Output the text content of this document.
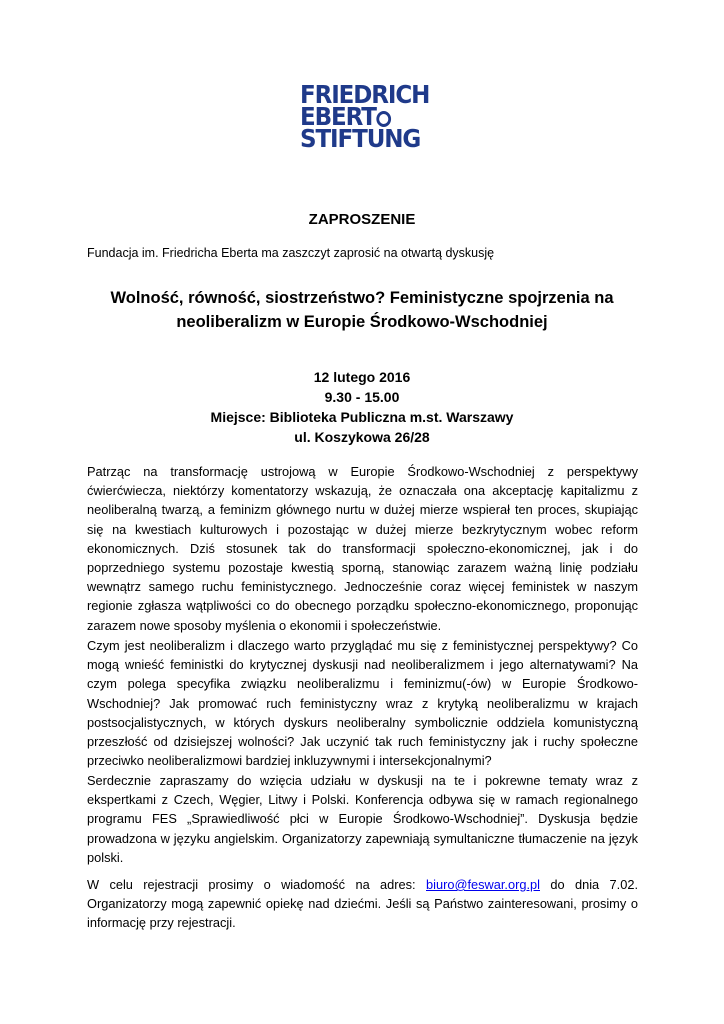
FRIEDRICH
EBERT
STIFTUNG
ZAPROSZENIE
Fundacja im. Friedricha Eberta ma zaszczyt zaprosić na otwartą dyskusję
Wolność, równość, siostrzeństwo? Feministyczne spojrzenia na
neoliberalizm w Europie Środkowo-Wschodniej
12 lutego 2016
9.30 - 15.00
Miejsce: Biblioteka Publiczna m.st. Warszawy
ul. Koszykowa 26/28
Patrząc na transformację ustrojową w Europie Środkowo-Wschodniej z perspektywy
ćwierćwiecza, niektórzy komentatorzy wskazują, że oznaczała ona akceptację kapitalizmu z
neoliberalną twarzą, a feminizm głównego nurtu w dużej mierze wspierał ten proces, skupiając
się na kwestiach kulturowych i pozostając w dużej mierze bezkrytycznym wobec reform
ekonomicznych. Dziś stosunek tak do transformacji społeczno-ekonomicznej, jak i do
poprzedniego systemu pozostaje kwestią sporną, stanowiąc zarazem ważną linię podziału
wewnątrz samego ruchu feministycznego. Jednocześnie coraz więcej feministek w naszym
regionie zgłasza wątpliwości co do obecnego porządku społeczno-ekonomicznego, proponując
zarazem nowe sposoby myślenia o ekonomii i społeczeństwie.
Czym jest neoliberalizm i dlaczego warto przyglądać mu się z feministycznej perspektywy? Co
mogą wnieść feministki do krytycznej dyskusji nad neoliberalizmem i jego alternatywami? Na
czym polega specyfika związku neoliberalizmu i feminizmu(-ów) w Europie Środkowo-
Wschodniej? Jak promować ruch feministyczny wraz z krytyką neoliberalizmu w krajach
postsocjalistycznych, w których dyskurs neoliberalny symbolicznie oddziela komunistyczną
przeszłość od dzisiejszej wolności? Jak uczynić tak ruch feministyczny jak i ruchy społeczne
przeciwko neoliberalizmowi bardziej inkluzywnymi i intersekcjonalnymi?
Serdecznie zapraszamy do wzięcia udziału w dyskusji na te i pokrewne tematy wraz z
ekspertkami z Czech, Węgier, Litwy i Polski. Konferencja odbywa się w ramach regionalnego
programu FES „Sprawiedliwość płci w Europie Środkowo-Wschodniej”. Dyskusja będzie
prowadzona w języku angielskim. Organizatorzy zapewniają symultaniczne tłumaczenie na język
polski.
W celu rejestracji prosimy o wiadomość na adres: biuro@feswar.org.pl do dnia 7.02.
Organizatorzy mogą zapewnić opiekę nad dziećmi. Jeśli są Państwo zainteresowani, prosimy o
informację przy rejestracji.
